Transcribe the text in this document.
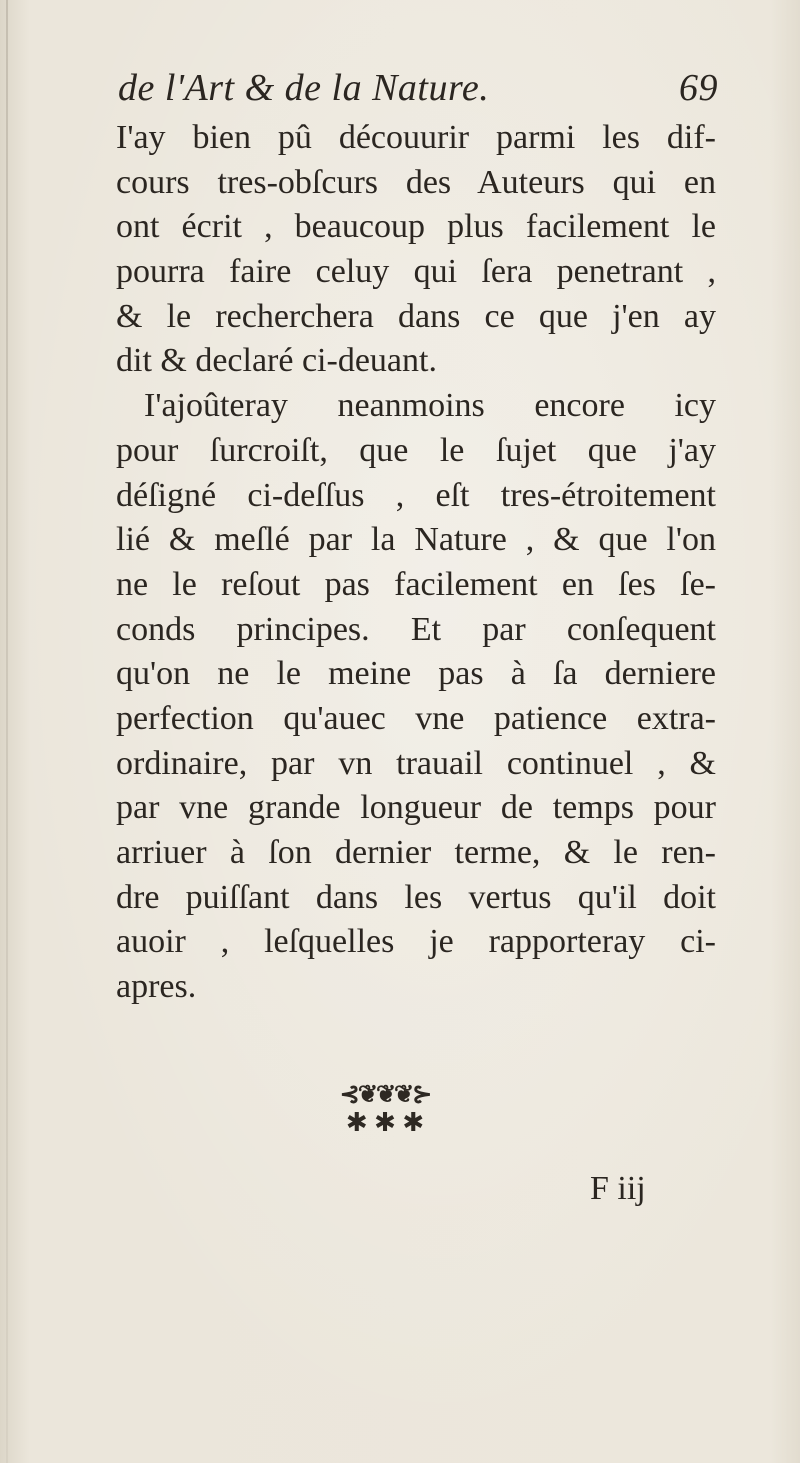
de l'Art & de la Nature.	69
I'ay bien pû découurir parmi les dif-
cours tres-obſcurs des Auteurs qui en
ont écrit , beaucoup plus facilement le
pourra faire celuy qui ſera penetrant ,
& le recherchera dans ce que j'en ay
dit & declaré ci-deuant.
I'ajoûteray neanmoins encore icy
pour ſurcroiſt, que le ſujet que j'ay
déſigné ci-deſſus , eſt tres-étroitement
lié & meſlé par la Nature , & que l'on
ne le reſout pas facilement en ſes ſe-
conds principes. Et par conſequent
qu'on ne le meine pas à ſa derniere
perfection qu'auec vne patience extra-
ordinaire, par vn trauail continuel , &
par vne grande longueur de temps pour
arriuer à ſon dernier terme, & le ren-
dre puiſſant dans les vertus qu'il doit
auoir , leſquelles je rapporteray ci-
apres.
⊰❦❦❦⊱
✱ ✱ ✱
F iij
